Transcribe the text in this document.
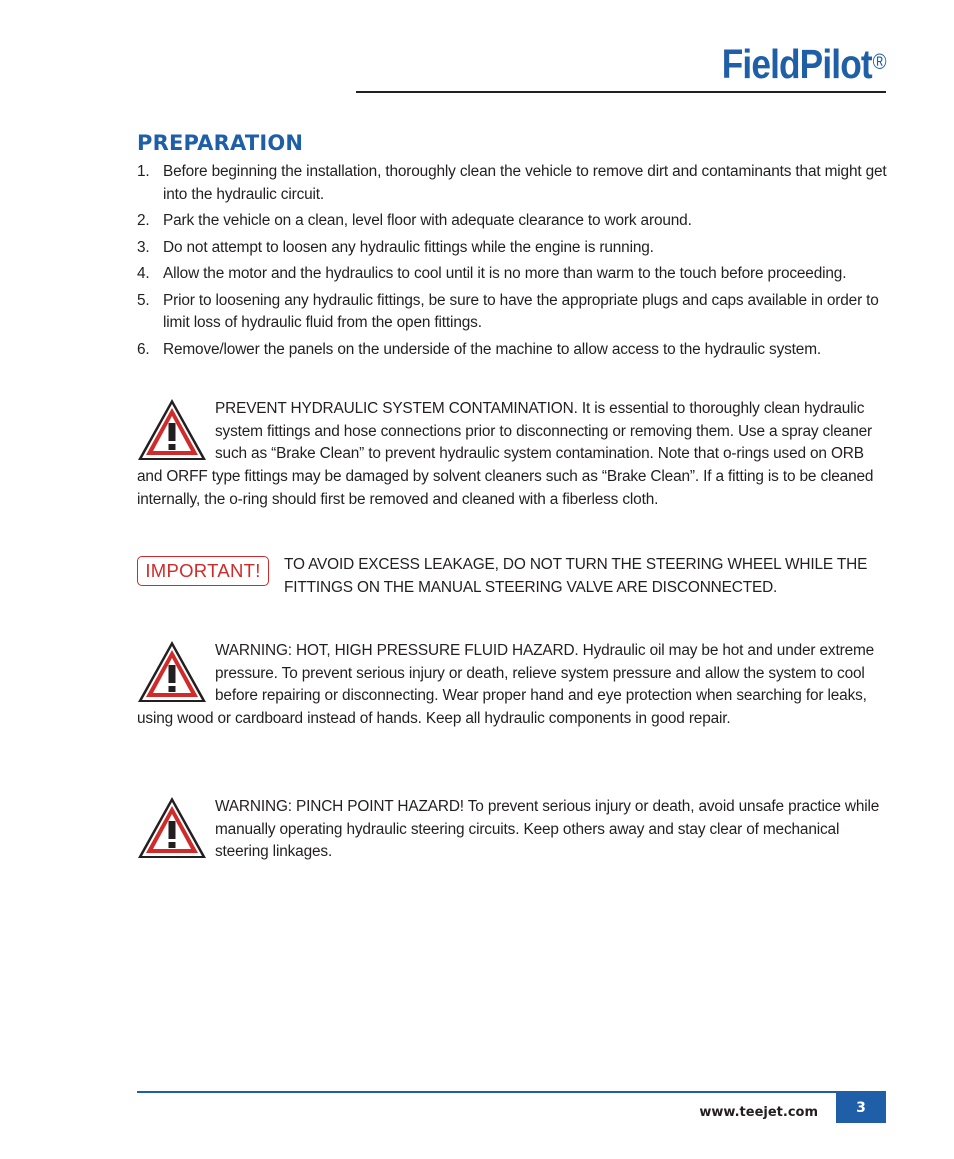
FieldPilot®
PREPARATION
1. Before beginning the installation, thoroughly clean the vehicle to remove dirt and contaminants that might get into the hydraulic circuit.
2. Park the vehicle on a clean, level floor with adequate clearance to work around.
3. Do not attempt to loosen any hydraulic fittings while the engine is running.
4. Allow the motor and the hydraulics to cool until it is no more than warm to the touch before proceeding.
5. Prior to loosening any hydraulic fittings, be sure to have the appropriate plugs and caps available in order to limit loss of hydraulic fluid from the open fittings.
6. Remove/lower the panels on the underside of the machine to allow access to the hydraulic system.

PREVENT HYDRAULIC SYSTEM CONTAMINATION. It is essential to thoroughly clean hydraulic system fittings and hose connections prior to disconnecting or removing them. Use a spray cleaner such as “Brake Clean” to prevent hydraulic system contamination. Note that o-rings used on ORB and ORFF type fittings may be damaged by solvent cleaners such as “Brake Clean”. If a fitting is to be cleaned internally, the o-ring should first be removed and cleaned with a fiberless cloth.

IMPORTANT!	TO AVOID EXCESS LEAKAGE, DO NOT TURN THE STEERING WHEEL WHILE THE FITTINGS ON THE MANUAL STEERING VALVE ARE DISCONNECTED.

WARNING: HOT, HIGH PRESSURE FLUID HAZARD. Hydraulic oil may be hot and under extreme pressure. To prevent serious injury or death, relieve system pressure and allow the system to cool before repairing or disconnecting. Wear proper hand and eye protection when searching for leaks, using wood or cardboard instead of hands. Keep all hydraulic components in good repair.

WARNING: PINCH POINT HAZARD! To prevent serious injury or death, avoid unsafe practice while manually operating hydraulic steering circuits. Keep others away and stay clear of mechanical steering linkages.

www.teejet.com	3
